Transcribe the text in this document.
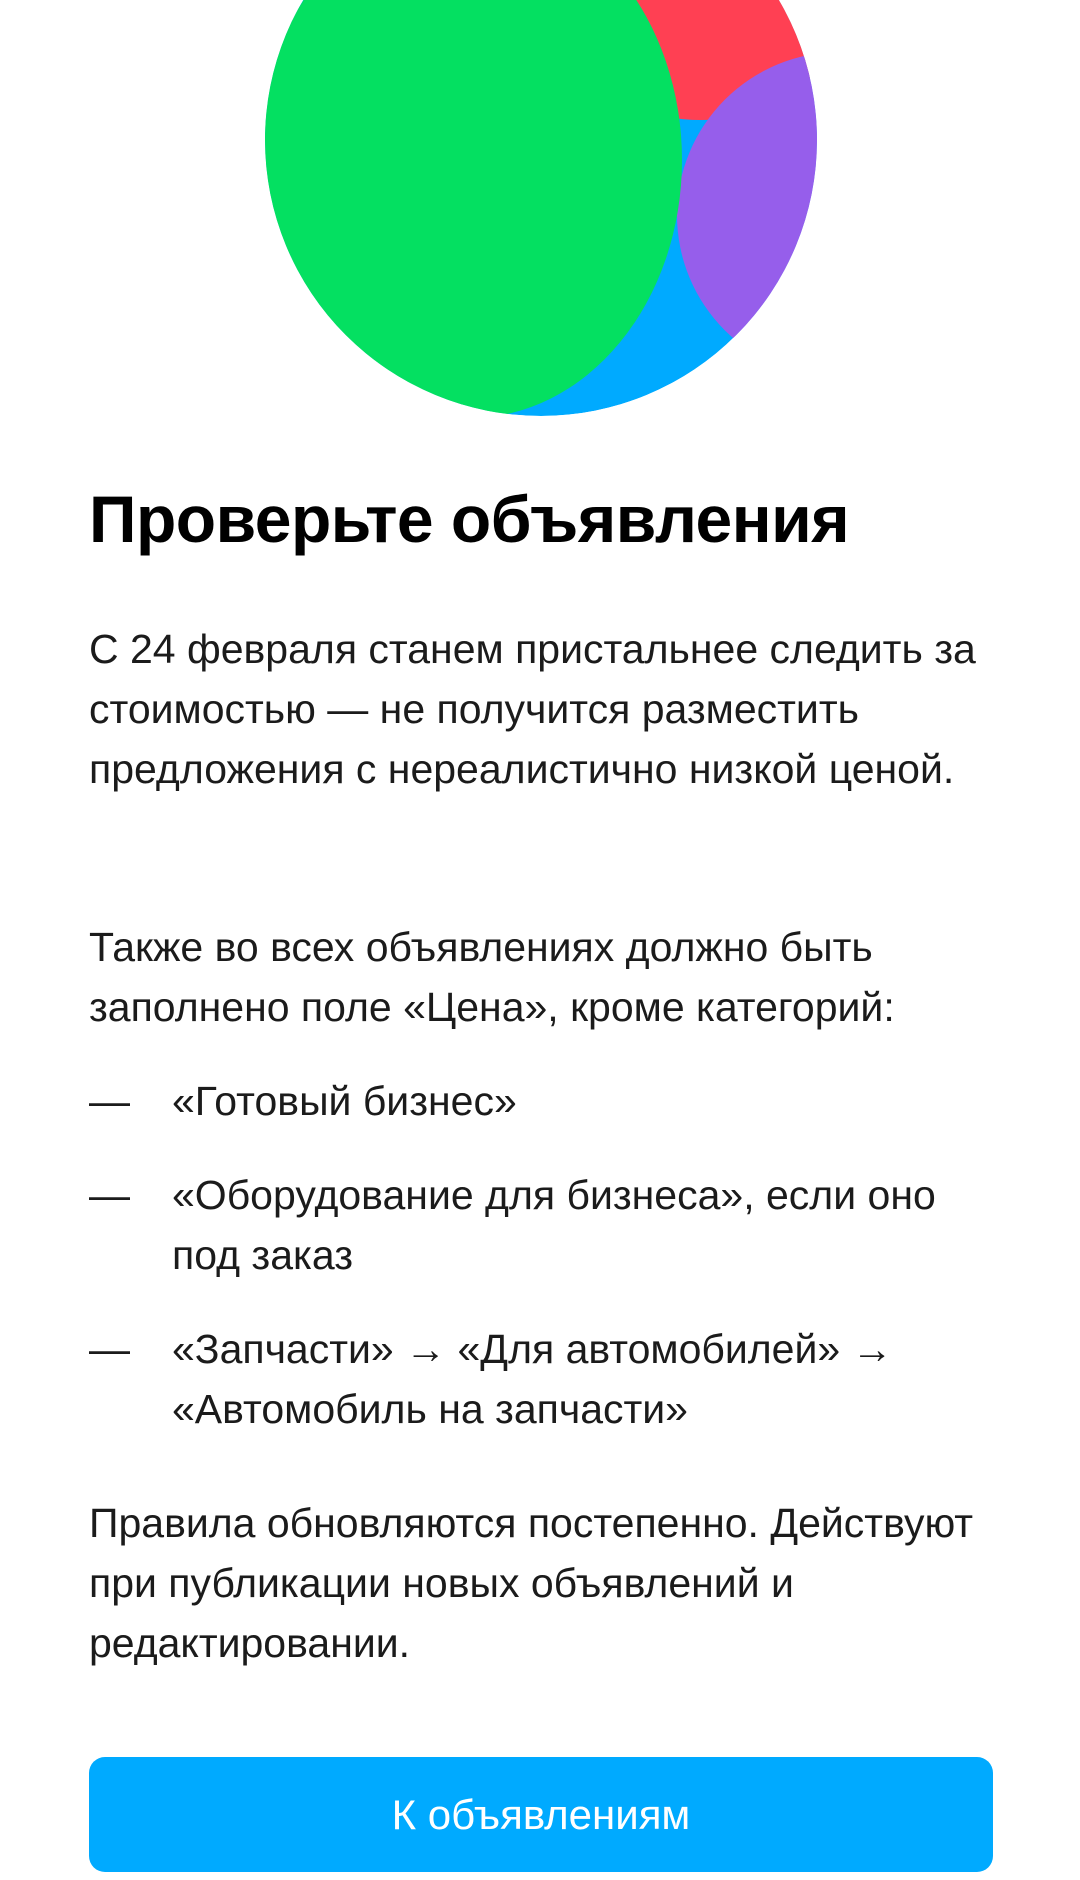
Проверьте объявления

С 24 февраля станем пристальнее следить за стоимостью — не получится разместить предложения с нереалистично низкой ценой.

Также во всех объявлениях должно быть заполнено поле «Цена», кроме категорий:

—	«Готовый бизнес»
—	«Оборудование для бизнеса», если оно под заказ
—	«Запчасти» → «Для автомобилей» → «Автомобиль на запчасти»

Правила обновляются постепенно. Действуют при публикации новых объявлений и редактировании.

К объявлениям
